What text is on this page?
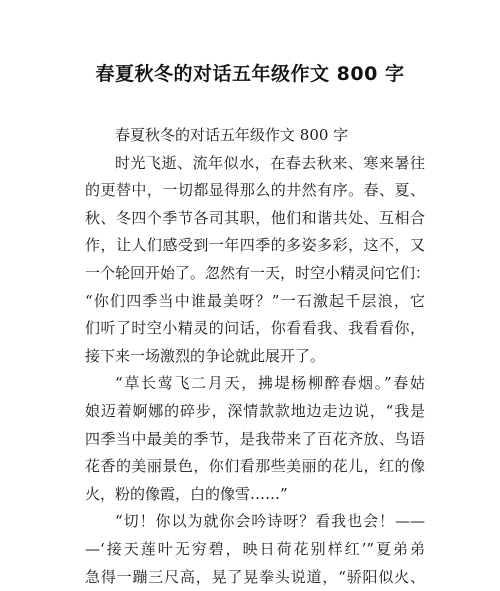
春夏秋冬的对话五年级作文 800 字
春夏秋冬的对话五年级作文 800 字
时光飞逝、流年似水，在春去秋来、寒来暑往
的更替中，一切都显得那么的井然有序。春、夏、
秋、冬四个季节各司其职，他们和谐共处、互相合
作，让人们感受到一年四季的多姿多彩，这不，又
一个轮回开始了。忽然有一天，时空小精灵问它们：
“你们四季当中谁最美呀？”一石激起千层浪，它
们听了时空小精灵的问话，你看看我、我看看你，
接下来一场激烈的争论就此展开了。
“草长莺飞二月天，拂堤杨柳醉春烟。”春姑
娘迈着婀娜的碎步，深情款款地边走边说，“我是
四季当中最美的季节，是我带来了百花齐放、鸟语
花香的美丽景色，你们看那些美丽的花儿，红的像
火，粉的像霞，白的像雪……”
“切！你以为就你会吟诗呀？看我也会！——
—‘接天莲叶无穷碧，映日荷花别样红’”夏弟弟
急得一蹦三尺高，晃了晃拳头说道，“骄阳似火、
